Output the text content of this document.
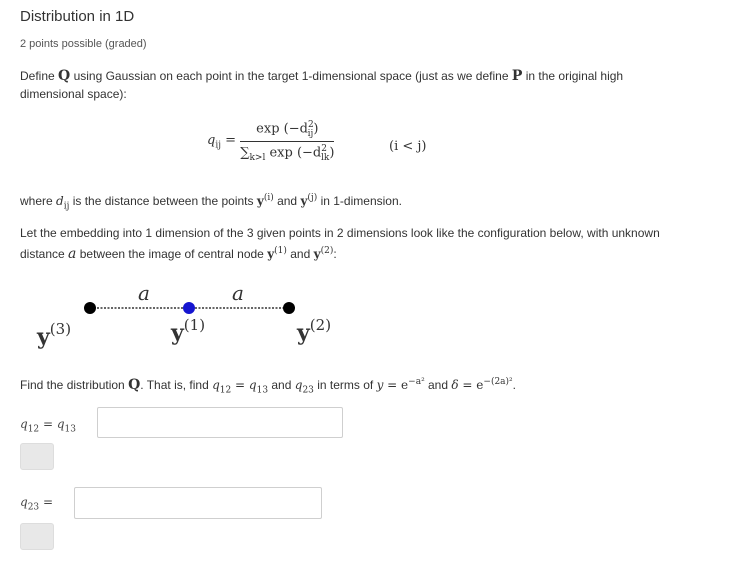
Distribution in 1D
2 points possible (graded)
Define Q using Gaussian on each point in the target 1-dimensional space (just as we define P in the original high
dimensional space):
$q_{ij} = \frac{\exp (-d^2_{ij})}{\sum_{k>l} \exp (-d^2_{lk})}$	(i < j)
where $d_{ij}$ is the distance between the points $y^{(i)}$ and $y^{(j)}$ in 1-dimension.
Let the embedding into 1 dimension of the 3 given points in 2 dimensions look like the configuration below, with unknown
distance a between the image of central node $y^{(1)}$ and $y^{(2)}$:
a	a
$y^{(3)}$	$y^{(1)}$	$y^{(2)}$
Find the distribution Q. That is, find $q_{12} = q_{13}$ and $q_{23}$ in terms of $y = e^{-a^2}$ and $\delta = e^{-(2a)^2}$.
$q_{12} = q_{13}$
$q_{23}$ =
